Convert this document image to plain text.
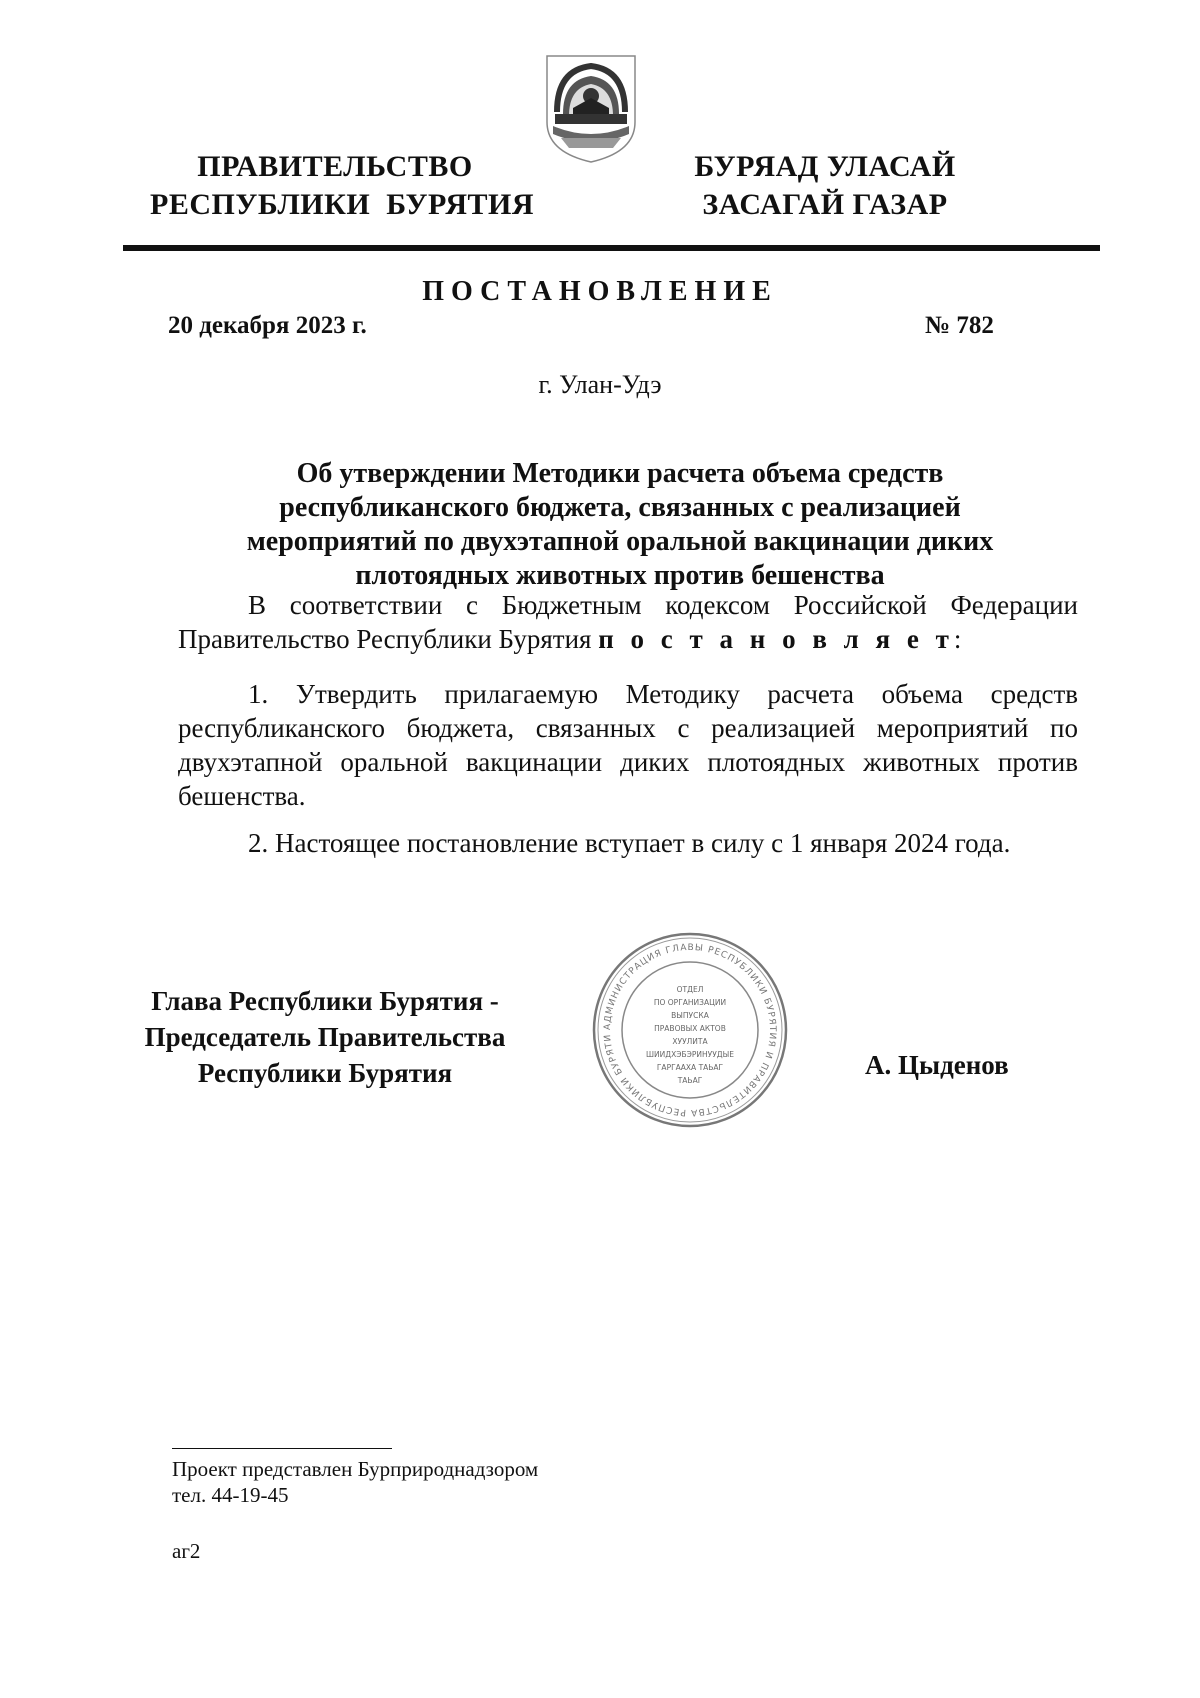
ПРАВИТЕЛЬСТВО
РЕСПУБЛИКИ  БУРЯТИЯ
БУРЯАД УЛАСАЙ
ЗАСАГАЙ ГАЗАР
ПОСТАНОВЛЕНИЕ
20 декабря 2023 г.	№ 782
г. Улан-Удэ
Об утверждении Методики расчета объема средств
республиканского бюджета, связанных с реализацией
мероприятий по двухэтапной оральной вакцинации диких
плотоядных животных против бешенства
В соответствии с Бюджетным кодексом Российской Федерации Правительство Республики Бурятия п о с т а н о в л я е т:
1. Утвердить прилагаемую Методику расчета объема средств республиканского бюджета, связанных с реализацией мероприятий по двухэтапной оральной вакцинации диких плотоядных животных против бешенства.
2. Настоящее постановление вступает в силу с 1 января 2024 года.
Глава Республики Бурятия -
Председатель Правительства
Республики Бурятия
АДМИНИСТРАЦИЯ ГЛАВЫ РЕСПУБЛИКИ БУРЯТИЯ И ПРАВИТЕЛЬСТВА РЕСПУБЛИКИ БУРЯТИ
ОТДЕЛ
ПО ОРГАНИЗАЦИИ
ВЫПУСКА
ПРАВОВЫХ АКТОВ
ХУУЛИТА
ШИИДХЭБЭРИНУУДЫЕ
ГАРГААХА ТАЬАГ
ТАЬАГ
А. Цыденов
Проект представлен Бурприроднадзором
тел. 44-19-45
аг2
